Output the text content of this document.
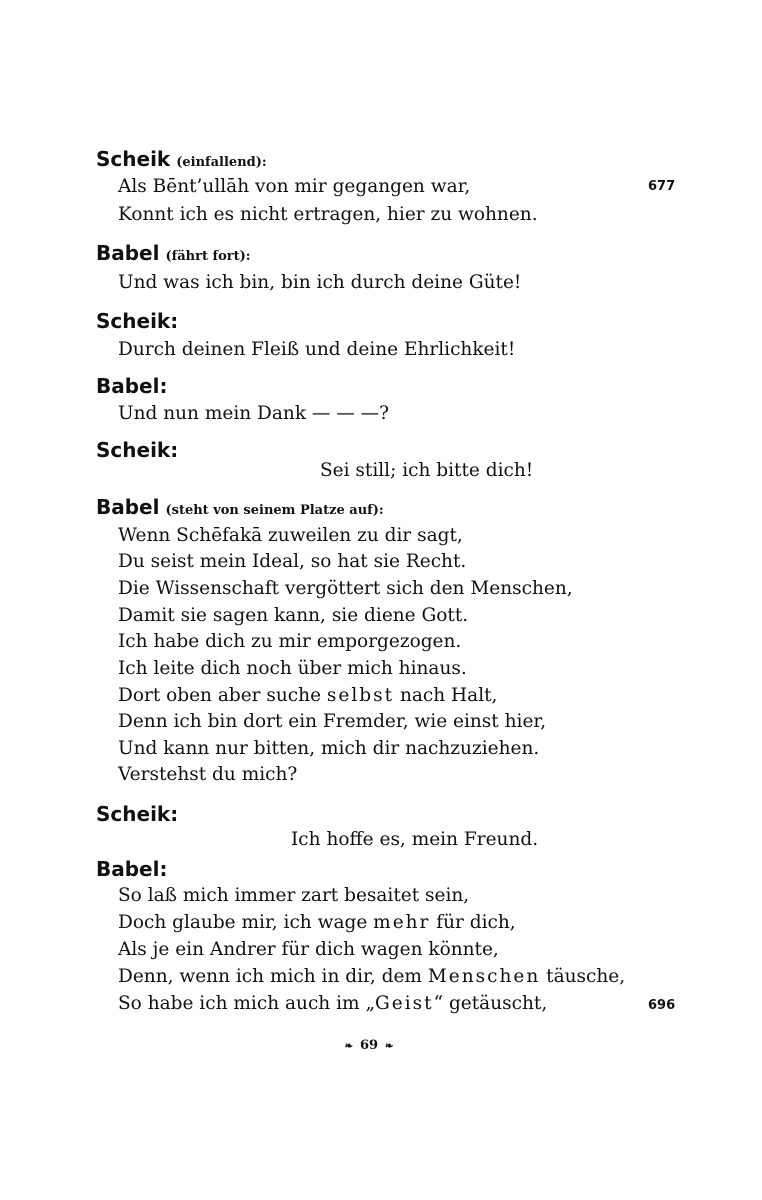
Scheik (einfallend):
Als Bēnt’ullāh von mir gegangen war,	677
Konnt ich es nicht ertragen, hier zu wohnen.
Babel (fährt fort):
Und was ich bin, bin ich durch deine Güte!
Scheik:
Durch deinen Fleiß und deine Ehrlichkeit!
Babel:
Und nun mein Dank — — —?
Scheik:
Sei still; ich bitte dich!
Babel (steht von seinem Platze auf):
Wenn Schēfakā zuweilen zu dir sagt,
Du seist mein Ideal, so hat sie Recht.
Die Wissenschaft vergöttert sich den Menschen,
Damit sie sagen kann, sie diene Gott.
Ich habe dich zu mir emporgezogen.
Ich leite dich noch über mich hinaus.
Dort oben aber suche selbst nach Halt,
Denn ich bin dort ein Fremder, wie einst hier,
Und kann nur bitten, mich dir nachzuziehen.
Verstehst du mich?
Scheik:
Ich hoffe es, mein Freund.
Babel:
So laß mich immer zart besaitet sein,
Doch glaube mir, ich wage mehr für dich,
Als je ein Andrer für dich wagen könnte,
Denn, wenn ich mich in dir, dem Menschen täusche,
So habe ich mich auch im „Geist“ getäuscht,	696
❧ 69 ❧
